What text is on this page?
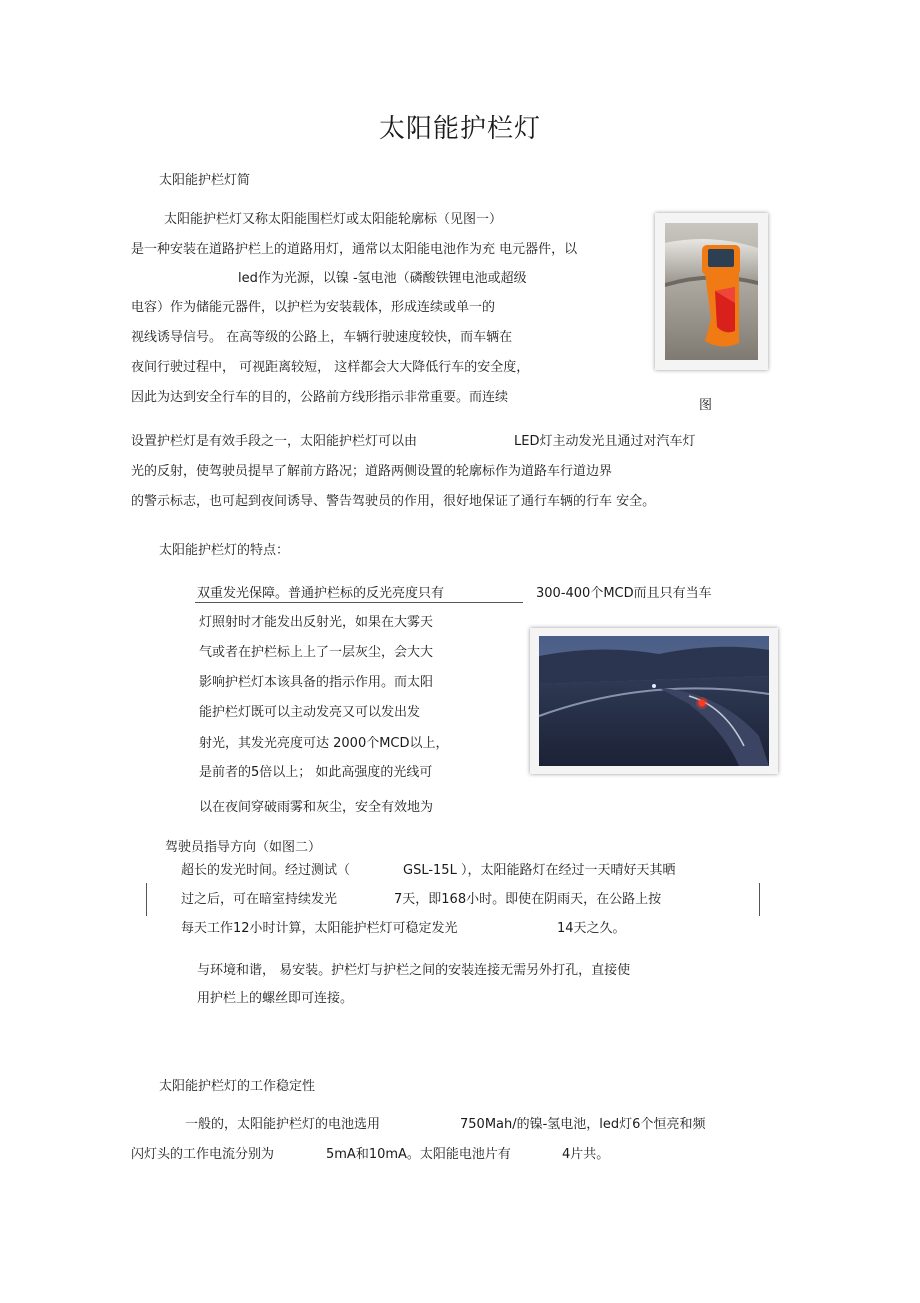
太阳能护栏灯
太阳能护栏灯简
太阳能护栏灯又称太阳能围栏灯或太阳能轮廓标（见图一）
是一种安装在道路护栏上的道路用灯，通常以太阳能电池作为充 电元器件，以
led作为光源，以镍 -氢电池（磷酸铁锂电池或超级
电容）作为储能元器件，以护栏为安装载体，形成连续或单一的
视线诱导信号。 在高等级的公路上，车辆行驶速度较快，而车辆在
夜间行驶过程中， 可视距离较短， 这样都会大大降低行车的安全度，
因此为达到安全行车的目的，公路前方线形指示非常重要。而连续
图
设置护栏灯是有效手段之一，太阳能护栏灯可以由	LED灯主动发光且通过对汽车灯
光的反射，使驾驶员提早了解前方路况；道路两侧设置的轮廓标作为道路车行道边界
的警示标志，也可起到夜间诱导、警告驾驶员的作用，很好地保证了通行车辆的行车 安全。
太阳能护栏灯的特点：
双重发光保障。普通护栏标的反光亮度只有	300-400个MCD而且只有当车
灯照射时才能发出反射光，如果在大雾天
气或者在护栏标上上了一层灰尘，会大大
影响护栏灯本该具备的指示作用。而太阳
能护栏灯既可以主动发亮又可以发出发
射光，其发光亮度可达 2000个MCD以上，
是前者的5倍以上； 如此高强度的光线可
以在夜间穿破雨雾和灰尘，安全有效地为
驾驶员指导方向（如图二）
超长的发光时间。经过测试（	GSL-15L ），太阳能路灯在经过一天晴好天其晒
过之后，可在暗室持续发光	7天，即168小时。即使在阴雨天，在公路上按
每天工作12小时计算，太阳能护栏灯可稳定发光	14天之久。
与环境和谐， 易安装。护栏灯与护栏之间的安装连接无需另外打孔，直接使
用护栏上的螺丝即可连接。
太阳能护栏灯的工作稳定性
一般的，太阳能护栏灯的电池选用	750Mah/的镍-氢电池，led灯6个恒亮和频
闪灯头的工作电流分别为	5mA和10mA。太阳能电池片有	4片共。
